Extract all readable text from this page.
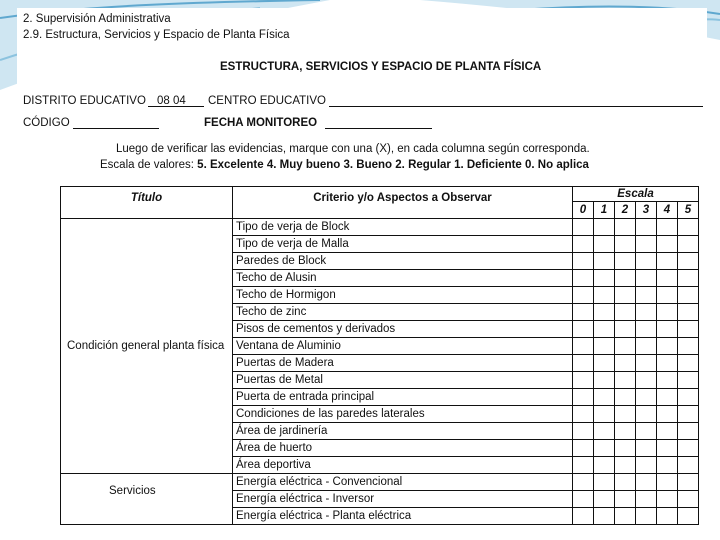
2. Supervisión Administrativa
2.9. Estructura, Servicios y Espacio de Planta Física
ESTRUCTURA, SERVICIOS Y ESPACIO DE PLANTA FÍSICA
DISTRITO EDUCATIVO 08 04 CENTRO EDUCATIVO
CÓDIGO	FECHA MONITOREO
Luego de verificar las evidencias, marque con una (X), en cada columna según corresponda.
Escala de valores: 5. Excelente 4. Muy bueno 3. Bueno 2. Regular 1. Deficiente 0. No aplica
Título	Criterio y/o Aspectos a Observar	Escala					
		0	1	2	3	4	5
Condición general planta física	Tipo de verja de Block						
	Tipo de verja de Malla						
	Paredes de Block						
	Techo de Alusin						
	Techo de Hormigon						
	Techo de zinc						
	Pisos de cementos y derivados						
	Ventana de Aluminio						
	Puertas de Madera						
	Puertas de Metal						
	Puerta de entrada principal						
	Condiciones de las paredes laterales						
	Área de jardinería						
	Área de huerto						
	Área deportiva						
Servicios	Energía eléctrica - Convencional						
	Energía eléctrica - Inversor						
	Energía eléctrica - Planta eléctrica						
